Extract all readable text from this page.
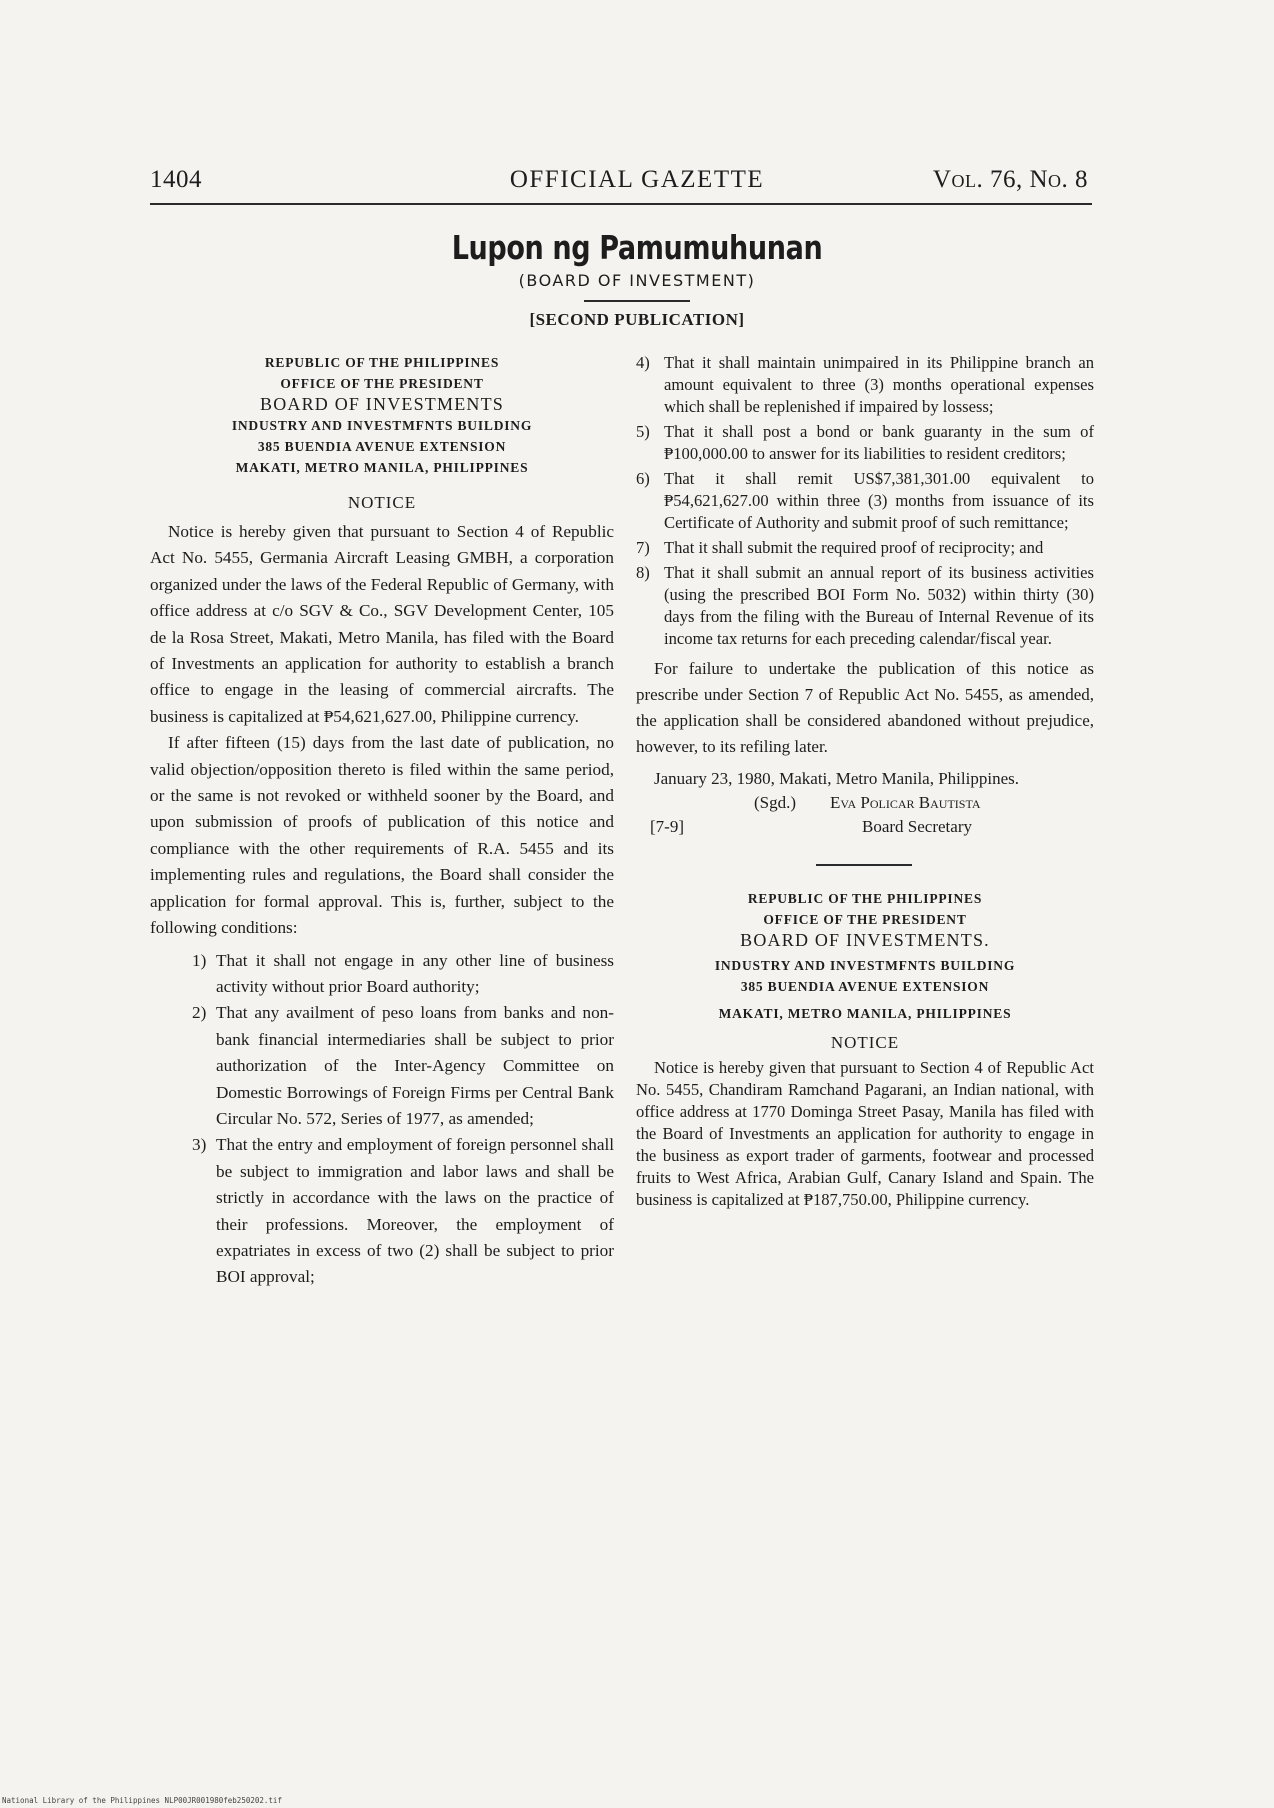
1404	OFFICIAL GAZETTE	Vol. 76, No. 8
Lupon ng Pamumuhunan
(BOARD OF INVESTMENT)
[SECOND PUBLICATION]
REPUBLIC OF THE PHILIPPINES
OFFICE OF THE PRESIDENT
BOARD OF INVESTMENTS
INDUSTRY AND INVESTMFNTS BUILDING
385 BUENDIA AVENUE EXTENSION
MAKATI, METRO MANILA, PHILIPPINES
NOTICE

Notice is hereby given that pursuant to Section 4 of Republic Act No. 5455, Germania Aircraft Leasing GMBH, a corporation organized under the laws of the Federal Republic of Germany, with office address at c/o SGV & Co., SGV Development Center, 105 de la Rosa Street, Makati, Metro Manila, has filed with the Board of Investments an application for authority to establish a branch office to engage in the leasing of commercial aircrafts. The business is capitalized at ₱54,621,627.00, Philippine currency.

If after fifteen (15) days from the last date of publication, no valid objection/opposition thereto is filed within the same period, or the same is not revoked or withheld sooner by the Board, and upon submission of proofs of publication of this notice and compliance with the other requirements of R.A. 5455 and its implementing rules and regulations, the Board shall consider the application for formal approval. This is, further, subject to the following conditions:

1) That it shall not engage in any other line of business activity without prior Board authority;
2) That any availment of peso loans from banks and non-bank financial intermediaries shall be subject to prior authorization of the Inter-Agency Committee on Domestic Borrowings of Foreign Firms per Central Bank Circular No. 572, Series of 1977, as amended;
3) That the entry and employment of foreign personnel shall be subject to immigration and labor laws and shall be strictly in accordance with the laws on the practice of their professions. Moreover, the employment of expatriates in excess of two (2) shall be subject to prior BOI approval;
4) That it shall maintain unimpaired in its Philippine branch an amount equivalent to three (3) months operational expenses which shall be replenished if impaired by lossess;
5) That it shall post a bond or bank guaranty in the sum of ₱100,000.00 to answer for its liabilities to resident creditors;
6) That it shall remit US$7,381,301.00 equivalent to ₱54,621,627.00 within three (3) months from issuance of its Certificate of Authority and submit proof of such remittance;
7) That it shall submit the required proof of reciprocity; and
8) That it shall submit an annual report of its business activities (using the prescribed BOI Form No. 5032) within thirty (30) days from the filing with the Bureau of Internal Revenue of its income tax returns for each preceding calendar/fiscal year.

For failure to undertake the publication of this notice as prescribe under Section 7 of Republic Act No. 5455, as amended, the application shall be considered abandoned without prejudice, however, to its refiling later.

January 23, 1980, Makati, Metro Manila, Philippines.

(Sgd.) Eva Policar Bautista
[7-9]	Board Secretary
REPUBLIC OF THE PHILIPPINES
OFFICE OF THE PRESIDENT
BOARD OF INVESTMENTS.
INDUSTRY AND INVESTMFNTS BUILDING
385 BUENDIA AVENUE EXTENSION
MAKATI, METRO MANILA, PHILIPPINES
NOTICE

Notice is hereby given that pursuant to Section 4 of Republic Act No. 5455, Chandiram Ramchand Pagarani, an Indian national, with office address at 1770 Dominga Street Pasay, Manila has filed with the Board of Investments an application for authority to engage in the business as export trader of garments, footwear and processed fruits to West Africa, Arabian Gulf, Canary Island and Spain. The business is capitalized at ₱187,750.00, Philippine currency.

National Library of the Philippines NLP00JR001980feb250202.tif
